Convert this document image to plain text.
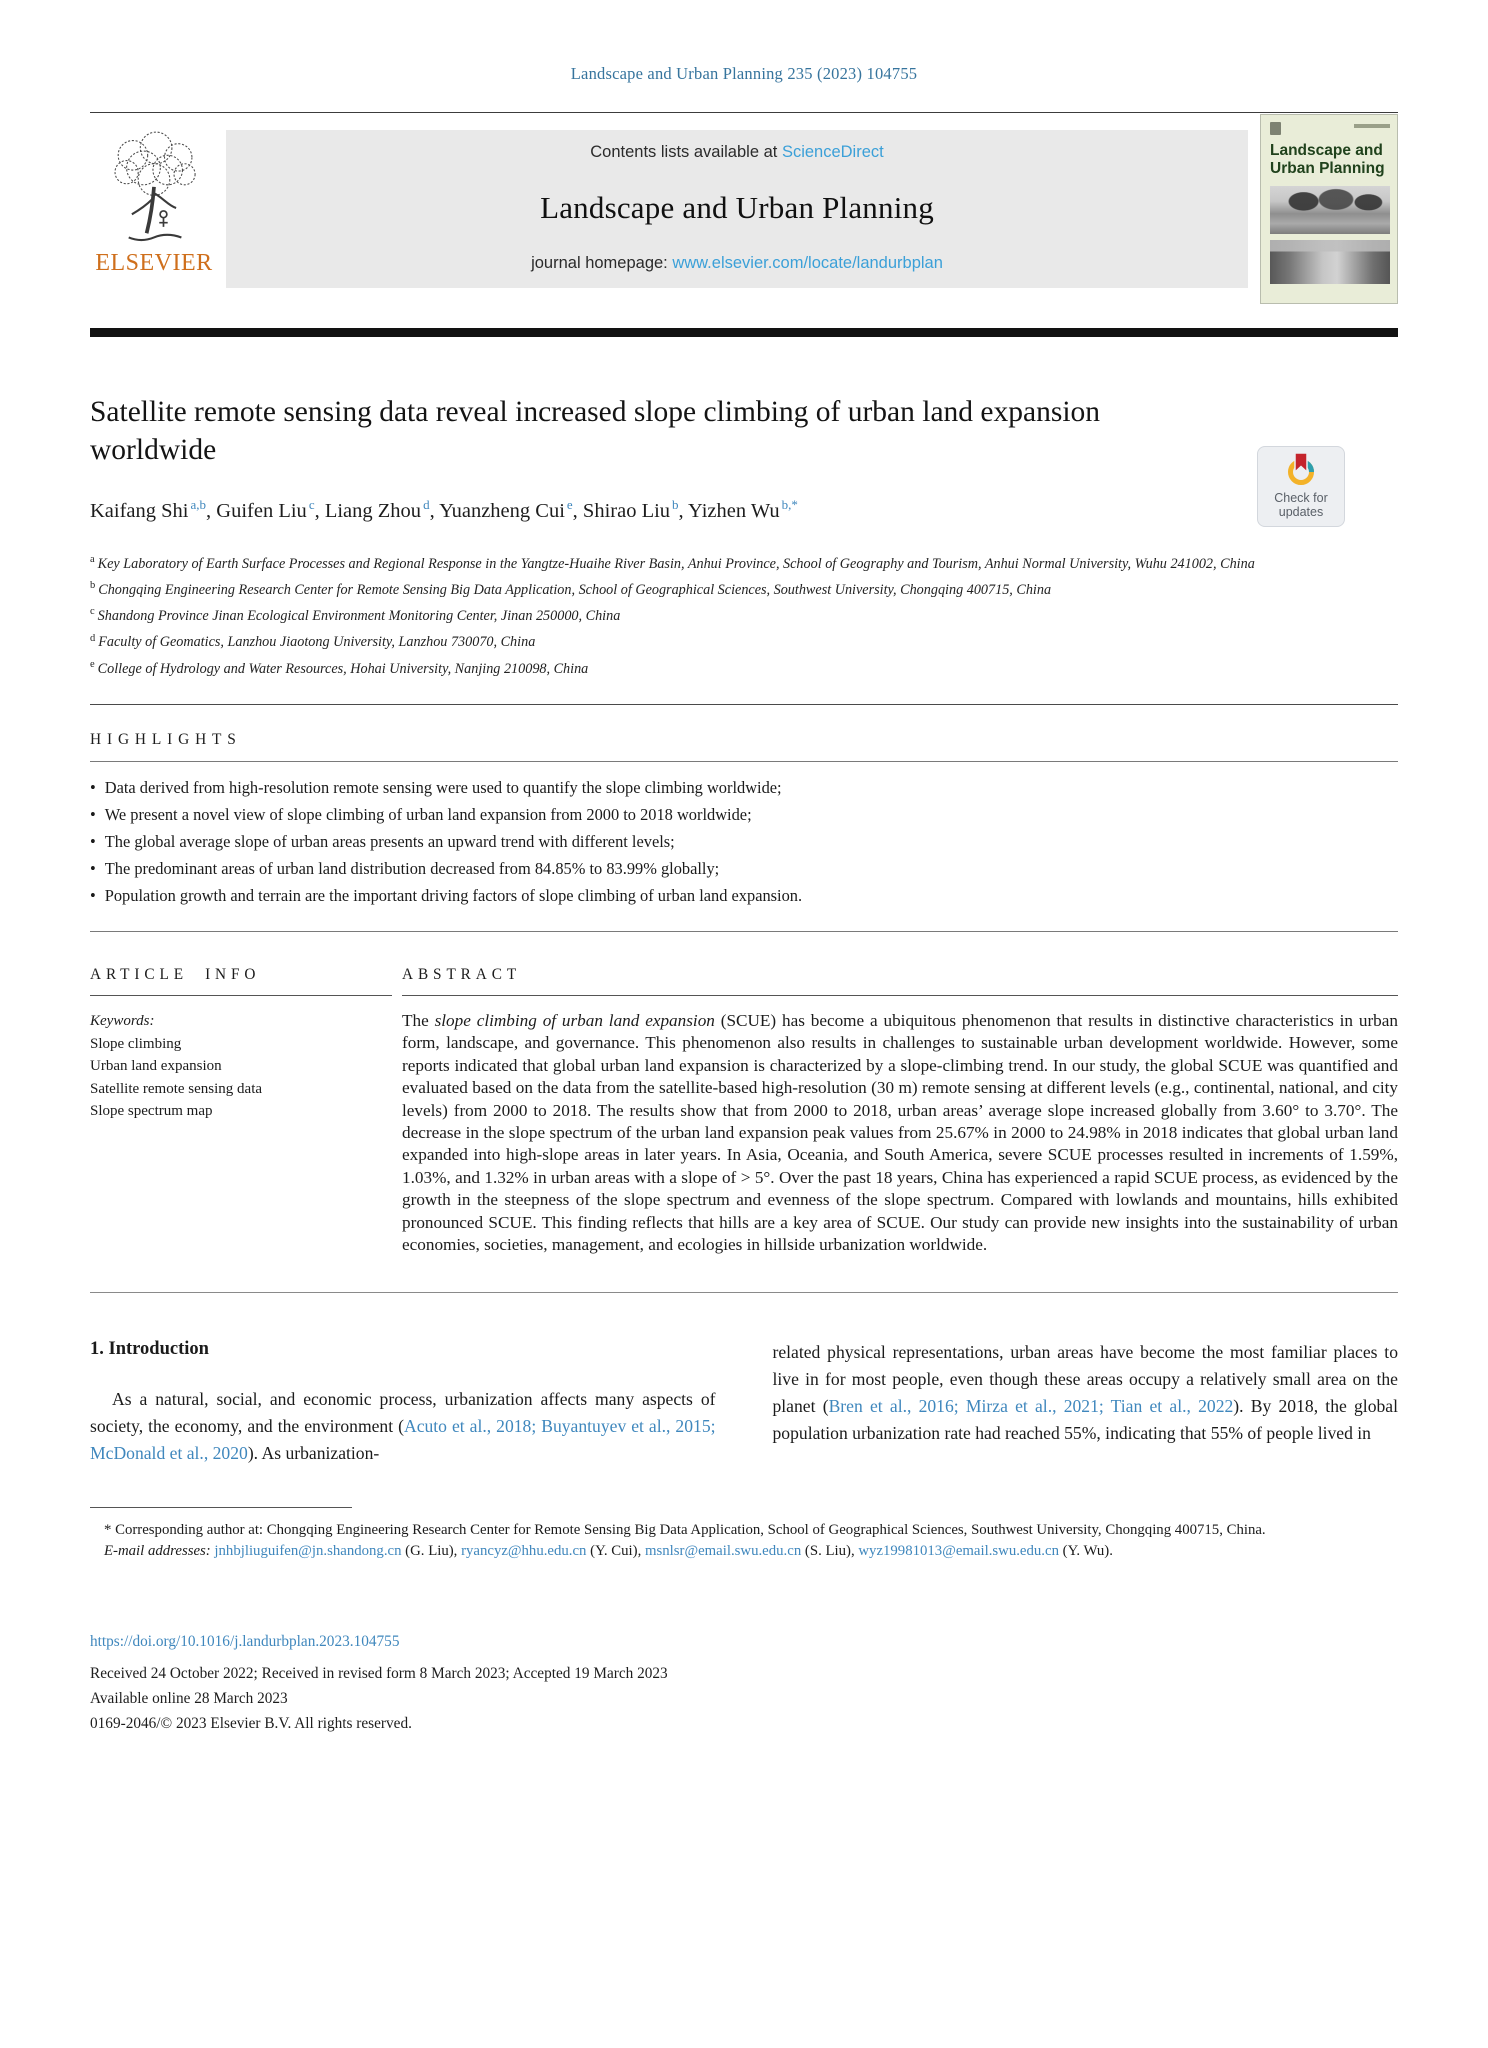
Landscape and Urban Planning 235 (2023) 104755
ELSEVIER
Contents lists available at ScienceDirect
Landscape and Urban Planning
journal homepage: www.elsevier.com/locate/landurbplan
Landscape and
Urban Planning
Satellite remote sensing data reveal increased slope climbing of urban land expansion worldwide

Kaifang Shi $^{a,b}$, Guifen Liu $^c$, Liang Zhou $^d$, Yuanzheng Cui $^e$, Shirao Liu $^b$, Yizhen Wu $^{b,*}$

$^a$ Key Laboratory of Earth Surface Processes and Regional Response in the Yangtze-Huaihe River Basin, Anhui Province, School of Geography and Tourism, Anhui Normal University, Wuhu 241002, China
$^b$ Chongqing Engineering Research Center for Remote Sensing Big Data Application, School of Geographical Sciences, Southwest University, Chongqing 400715, China
$^c$ Shandong Province Jinan Ecological Environment Monitoring Center, Jinan 250000, China
$^d$ Faculty of Geomatics, Lanzhou Jiaotong University, Lanzhou 730070, China
$^e$ College of Hydrology and Water Resources, Hohai University, Nanjing 210098, China
HIGHLIGHTS
• Data derived from high-resolution remote sensing were used to quantify the slope climbing worldwide;
• We present a novel view of slope climbing of urban land expansion from 2000 to 2018 worldwide;
• The global average slope of urban areas presents an upward trend with different levels;
• The predominant areas of urban land distribution decreased from 84.85% to 83.99% globally;
• Population growth and terrain are the important driving factors of slope climbing of urban land expansion.
ARTICLE INFO
Keywords:
Slope climbing
Urban land expansion
Satellite remote sensing data
Slope spectrum map
ABSTRACT

The slope climbing of urban land expansion (SCUE) has become a ubiquitous phenomenon that results in distinctive characteristics in urban form, landscape, and governance. This phenomenon also results in challenges to sustainable urban development worldwide. However, some reports indicated that global urban land expansion is characterized by a slope-climbing trend. In our study, the global SCUE was quantified and evaluated based on the data from the satellite-based high-resolution (30 m) remote sensing at different levels (e.g., continental, national, and city levels) from 2000 to 2018. The results show that from 2000 to 2018, urban areas’ average slope increased globally from 3.60° to 3.70°. The decrease in the slope spectrum of the urban land expansion peak values from 25.67% in 2000 to 24.98% in 2018 indicates that global urban land expanded into high-slope areas in later years. In Asia, Oceania, and South America, severe SCUE processes resulted in increments of 1.59%, 1.03%, and 1.32% in urban areas with a slope of > 5°. Over the past 18 years, China has experienced a rapid SCUE process, as evidenced by the growth in the steepness of the slope spectrum and evenness of the slope spectrum. Compared with lowlands and mountains, hills exhibited pronounced SCUE. This finding reflects that hills are a key area of SCUE. Our study can provide new insights into the sustainability of urban economies, societies, management, and ecologies in hillside urbanization worldwide.

1. Introduction

As a natural, social, and economic process, urbanization affects many aspects of society, the economy, and the environment (Acuto et al., 2018; Buyantuyev et al., 2015; McDonald et al., 2020). As urbanization-

related physical representations, urban areas have become the most familiar places to live in for most people, even though these areas occupy a relatively small area on the planet (Bren et al., 2016; Mirza et al., 2021; Tian et al., 2022). By 2018, the global population urbanization rate had reached 55%, indicating that 55% of people lived in

* Corresponding author at: Chongqing Engineering Research Center for Remote Sensing Big Data Application, School of Geographical Sciences, Southwest University, Chongqing 400715, China.

E-mail addresses: jnhbjliuguifen@jn.shandong.cn (G. Liu), ryancyz@hhu.edu.cn (Y. Cui), msnlsr@email.swu.edu.cn (S. Liu), wyz19981013@email.swu.edu.cn (Y. Wu).

https://doi.org/10.1016/j.landurbplan.2023.104755
Received 24 October 2022; Received in revised form 8 March 2023; Accepted 19 March 2023
Available online 28 March 2023
0169-2046/© 2023 Elsevier B.V. All rights reserved.
Check for
updates
